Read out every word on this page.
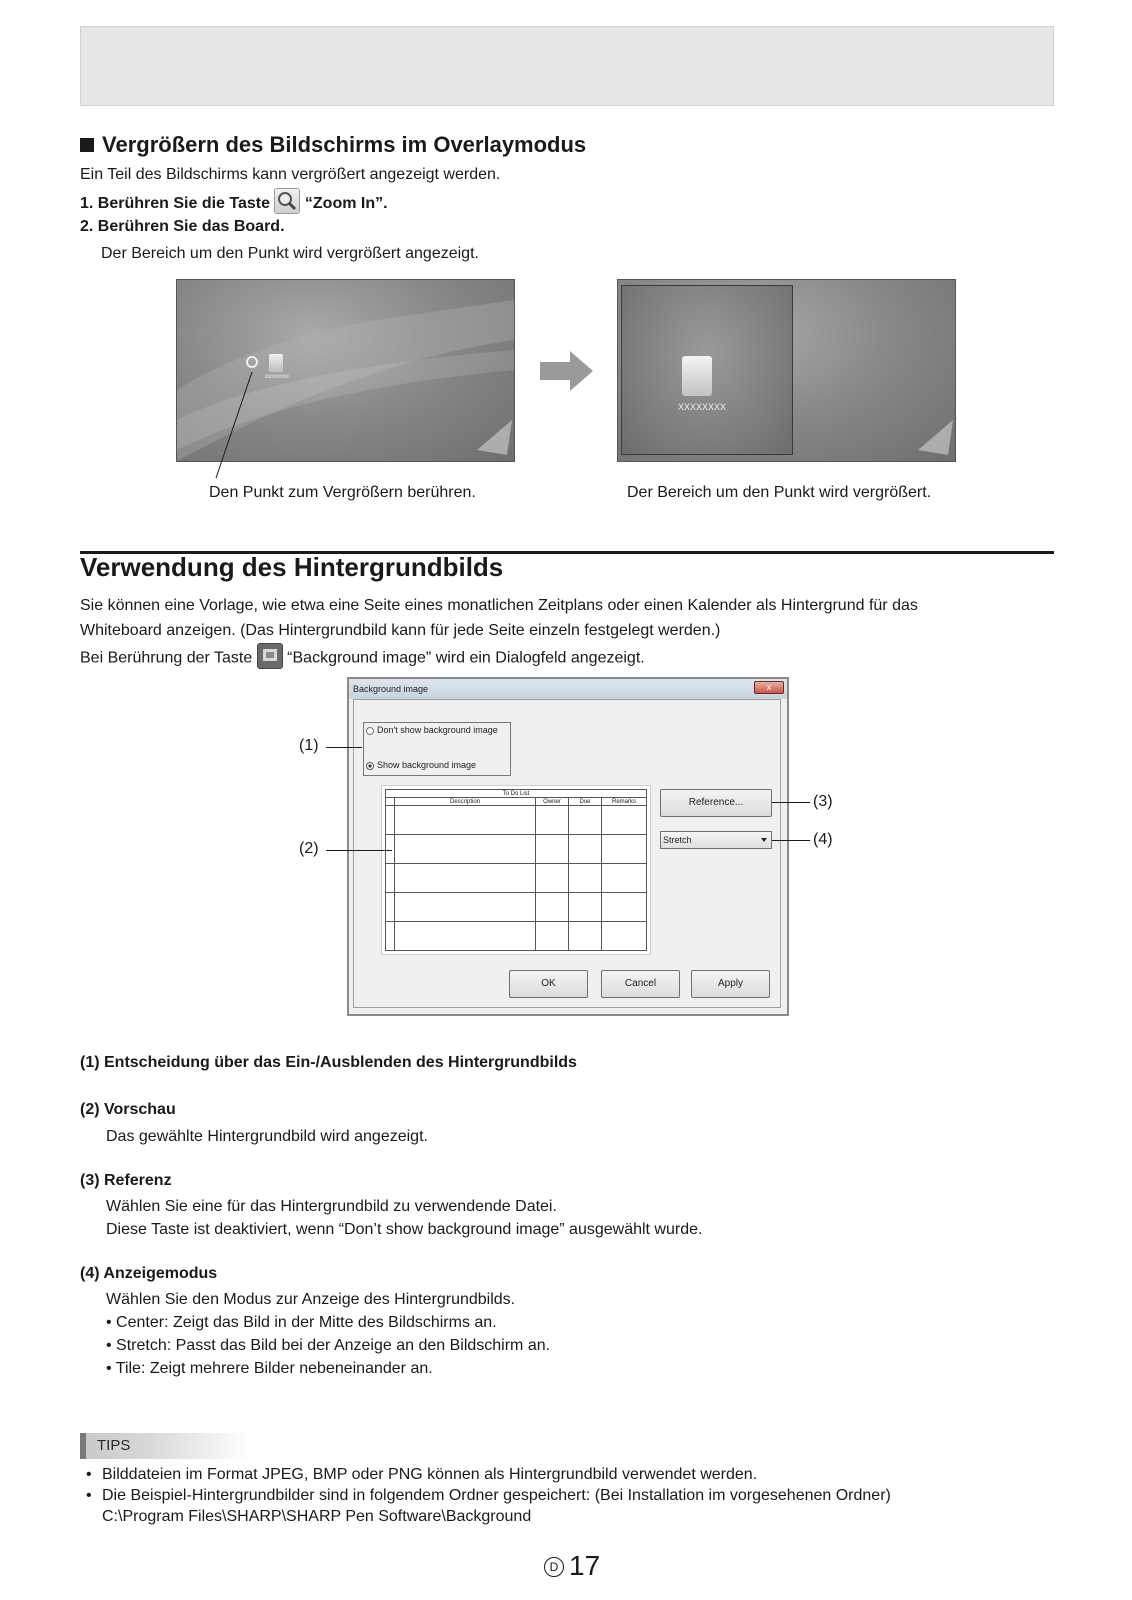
Vergrößern des Bildschirms im Overlaymodus
Ein Teil des Bildschirms kann vergrößert angezeigt werden.
1. Berühren Sie die Taste “Zoom In”.
2. Berühren Sie das Board.
Der Bereich um den Punkt wird vergrößert angezeigt.
xxxxxxxx
XXXXXXXX
Den Punkt zum Vergrößern berühren.	Der Bereich um den Punkt wird vergrößert.
Verwendung des Hintergrundbilds
Sie können eine Vorlage, wie etwa eine Seite eines monatlichen Zeitplans oder einen Kalender als Hintergrund für das
Whiteboard anzeigen. (Das Hintergrundbild kann für jede Seite einzeln festgelegt werden.)
Bei Berührung der Taste “Background image” wird ein Dialogfeld angezeigt.
Background image	x
Don't show background image
Show background image
To Do List				
	Description	Owner	Due	Remarks

					Reference...
Stretch
OK	Cancel	Apply
(1)
(2)
(3)
(4)
(1) Entscheidung über das Ein-/Ausblenden des Hintergrundbilds
(2) Vorschau
Das gewählte Hintergrundbild wird angezeigt.
(3) Referenz
Wählen Sie eine für das Hintergrundbild zu verwendende Datei.
Diese Taste ist deaktiviert, wenn “Don’t show background image” ausgewählt wurde.
(4) Anzeigemodus
Wählen Sie den Modus zur Anzeige des Hintergrundbilds.
• Center: Zeigt das Bild in der Mitte des Bildschirms an.
• Stretch: Passt das Bild bei der Anzeige an den Bildschirm an.
• Tile: Zeigt mehrere Bilder nebeneinander an.
TIPS
• Bilddateien im Format JPEG, BMP oder PNG können als Hintergrundbild verwendet werden.
• Die Beispiel-Hintergrundbilder sind in folgendem Ordner gespeichert: (Bei Installation im vorgesehenen Ordner)
C:\Program Files\SHARP\SHARP Pen Software\Background
D 17
